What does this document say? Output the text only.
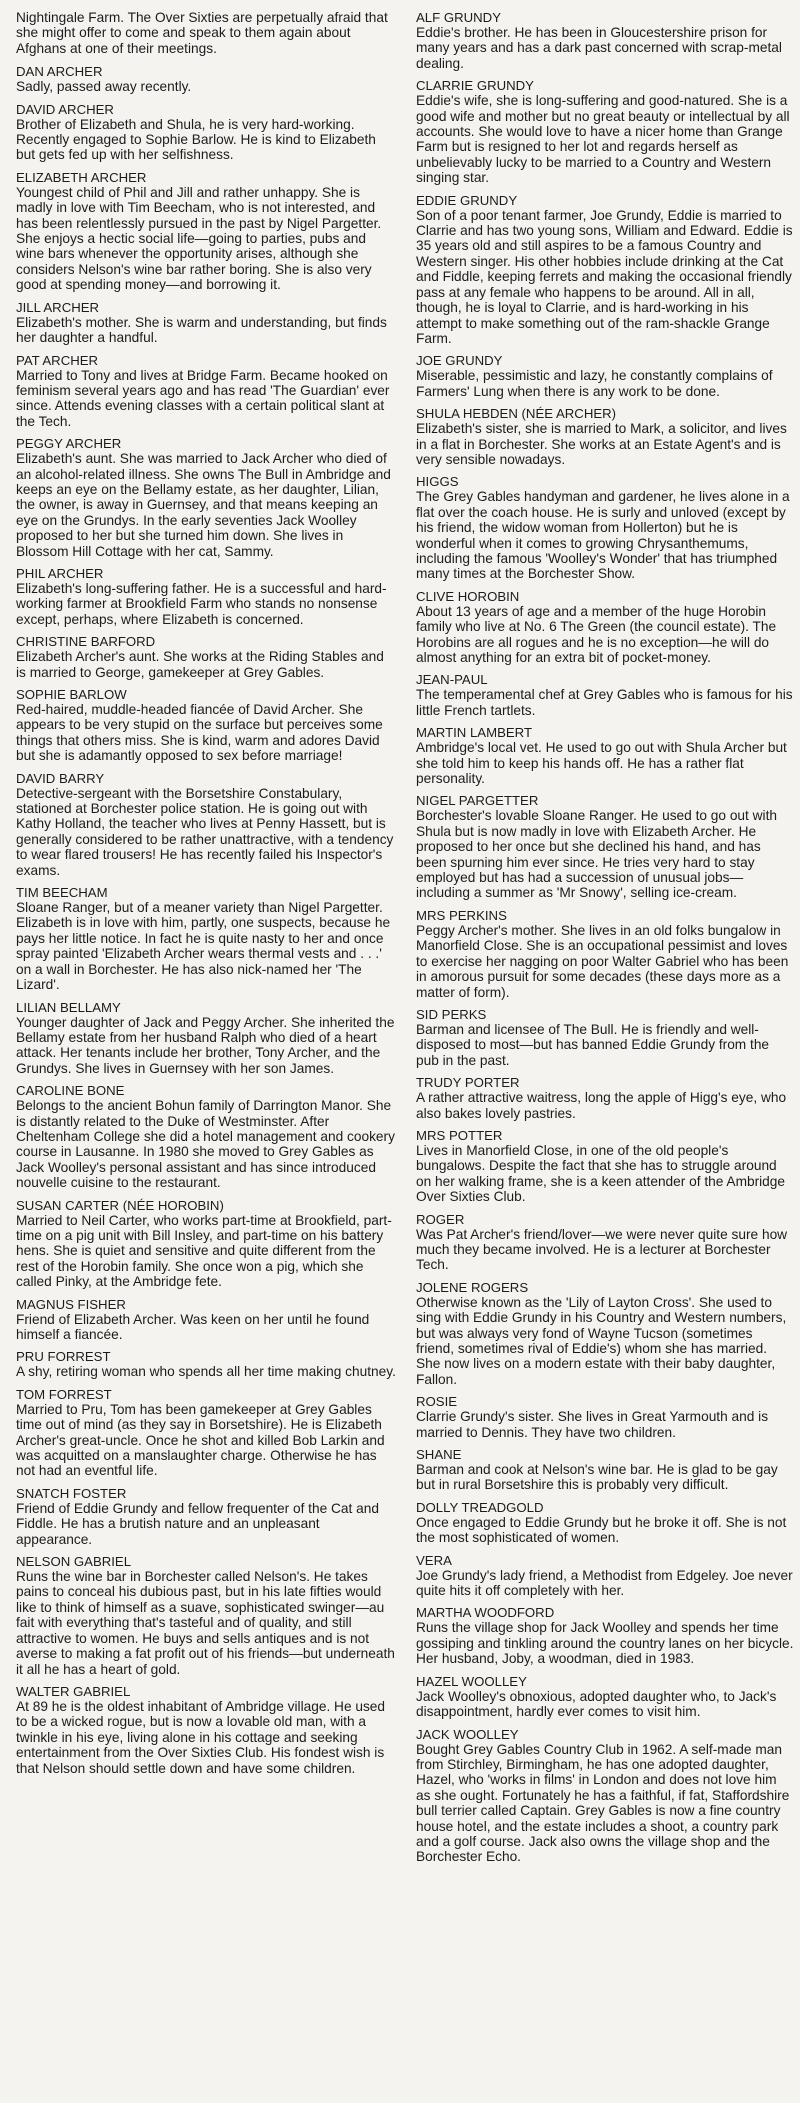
Nightingale Farm. The Over Sixties are perpetually afraid that she might offer to come and speak to them again about Afghans at one of their meetings.

DAN ARCHER

Sadly, passed away recently.

DAVID ARCHER

Brother of Elizabeth and Shula, he is very hard-working. Recently engaged to Sophie Barlow. He is kind to Elizabeth but gets fed up with her selfishness.

ELIZABETH ARCHER

Youngest child of Phil and Jill and rather unhappy. She is madly in love with Tim Beecham, who is not interested, and has been relentlessly pursued in the past by Nigel Pargetter. She enjoys a hectic social life—going to parties, pubs and wine bars whenever the opportunity arises, although she considers Nelson's wine bar rather boring. She is also very good at spending money—and borrowing it.

JILL ARCHER

Elizabeth's mother. She is warm and understanding, but finds her daughter a handful.

PAT ARCHER

Married to Tony and lives at Bridge Farm. Became hooked on feminism several years ago and has read 'The Guardian' ever since. Attends evening classes with a certain political slant at the Tech.

PEGGY ARCHER

Elizabeth's aunt. She was married to Jack Archer who died of an alcohol-related illness. She owns The Bull in Ambridge and keeps an eye on the Bellamy estate, as her daughter, Lilian, the owner, is away in Guernsey, and that means keeping an eye on the Grundys. In the early seventies Jack Woolley proposed to her but she turned him down. She lives in Blossom Hill Cottage with her cat, Sammy.

PHIL ARCHER

Elizabeth's long-suffering father. He is a successful and hard-working farmer at Brookfield Farm who stands no nonsense except, perhaps, where Elizabeth is concerned.

CHRISTINE BARFORD

Elizabeth Archer's aunt. She works at the Riding Stables and is married to George, gamekeeper at Grey Gables.

SOPHIE BARLOW

Red-haired, muddle-headed fiancée of David Archer. She appears to be very stupid on the surface but perceives some things that others miss. She is kind, warm and adores David but she is adamantly opposed to sex before marriage!

DAVID BARRY

Detective-sergeant with the Borsetshire Constabulary, stationed at Borchester police station. He is going out with Kathy Holland, the teacher who lives at Penny Hassett, but is generally considered to be rather unattractive, with a tendency to wear flared trousers! He has recently failed his Inspector's exams.

TIM BEECHAM

Sloane Ranger, but of a meaner variety than Nigel Pargetter. Elizabeth is in love with him, partly, one suspects, because he pays her little notice. In fact he is quite nasty to her and once spray painted 'Elizabeth Archer wears thermal vests and . . .' on a wall in Borchester. He has also nick-named her 'The Lizard'.

LILIAN BELLAMY

Younger daughter of Jack and Peggy Archer. She inherited the Bellamy estate from her husband Ralph who died of a heart attack. Her tenants include her brother, Tony Archer, and the Grundys. She lives in Guernsey with her son James.

CAROLINE BONE

Belongs to the ancient Bohun family of Darrington Manor. She is distantly related to the Duke of Westminster. After Cheltenham College she did a hotel management and cookery course in Lausanne. In 1980 she moved to Grey Gables as Jack Woolley's personal assistant and has since introduced nouvelle cuisine to the restaurant.

SUSAN CARTER (NÉE HOROBIN)

Married to Neil Carter, who works part-time at Brookfield, part-time on a pig unit with Bill Insley, and part-time on his battery hens. She is quiet and sensitive and quite different from the rest of the Horobin family. She once won a pig, which she called Pinky, at the Ambridge fete.

MAGNUS FISHER

Friend of Elizabeth Archer. Was keen on her until he found himself a fiancée.

PRU FORREST

A shy, retiring woman who spends all her time making chutney.

TOM FORREST

Married to Pru, Tom has been gamekeeper at Grey Gables time out of mind (as they say in Borsetshire). He is Elizabeth Archer's great-uncle. Once he shot and killed Bob Larkin and was acquitted on a manslaughter charge. Otherwise he has not had an eventful life.

SNATCH FOSTER

Friend of Eddie Grundy and fellow frequenter of the Cat and Fiddle. He has a brutish nature and an unpleasant appearance.

NELSON GABRIEL

Runs the wine bar in Borchester called Nelson's. He takes pains to conceal his dubious past, but in his late fifties would like to think of himself as a suave, sophisticated swinger—au fait with everything that's tasteful and of quality, and still attractive to women. He buys and sells antiques and is not averse to making a fat profit out of his friends—but underneath it all he has a heart of gold.

WALTER GABRIEL

At 89 he is the oldest inhabitant of Ambridge village. He used to be a wicked rogue, but is now a lovable old man, with a twinkle in his eye, living alone in his cottage and seeking entertainment from the Over Sixties Club. His fondest wish is that Nelson should settle down and have some children.

ALF GRUNDY

Eddie's brother. He has been in Gloucestershire prison for many years and has a dark past concerned with scrap-metal dealing.

CLARRIE GRUNDY

Eddie's wife, she is long-suffering and good-natured. She is a good wife and mother but no great beauty or intellectual by all accounts. She would love to have a nicer home than Grange Farm but is resigned to her lot and regards herself as unbelievably lucky to be married to a Country and Western singing star.

EDDIE GRUNDY

Son of a poor tenant farmer, Joe Grundy, Eddie is married to Clarrie and has two young sons, William and Edward. Eddie is 35 years old and still aspires to be a famous Country and Western singer. His other hobbies include drinking at the Cat and Fiddle, keeping ferrets and making the occasional friendly pass at any female who happens to be around. All in all, though, he is loyal to Clarrie, and is hard-working in his attempt to make something out of the ram-shackle Grange Farm.

JOE GRUNDY

Miserable, pessimistic and lazy, he constantly complains of Farmers' Lung when there is any work to be done.

SHULA HEBDEN (NÉE ARCHER)

Elizabeth's sister, she is married to Mark, a solicitor, and lives in a flat in Borchester. She works at an Estate Agent's and is very sensible nowadays.

HIGGS

The Grey Gables handyman and gardener, he lives alone in a flat over the coach house. He is surly and unloved (except by his friend, the widow woman from Hollerton) but he is wonderful when it comes to growing Chrysanthemums, including the famous 'Woolley's Wonder' that has triumphed many times at the Borchester Show.

CLIVE HOROBIN

About 13 years of age and a member of the huge Horobin family who live at No. 6 The Green (the council estate). The Horobins are all rogues and he is no exception—he will do almost anything for an extra bit of pocket-money.

JEAN-PAUL

The temperamental chef at Grey Gables who is famous for his little French tartlets.

MARTIN LAMBERT

Ambridge's local vet. He used to go out with Shula Archer but she told him to keep his hands off. He has a rather flat personality.

NIGEL PARGETTER

Borchester's lovable Sloane Ranger. He used to go out with Shula but is now madly in love with Elizabeth Archer. He proposed to her once but she declined his hand, and has been spurning him ever since. He tries very hard to stay employed but has had a succession of unusual jobs—including a summer as 'Mr Snowy', selling ice-cream.

MRS PERKINS

Peggy Archer's mother. She lives in an old folks bungalow in Manorfield Close. She is an occupational pessimist and loves to exercise her nagging on poor Walter Gabriel who has been in amorous pursuit for some decades (these days more as a matter of form).

SID PERKS

Barman and licensee of The Bull. He is friendly and well-disposed to most—but has banned Eddie Grundy from the pub in the past.

TRUDY PORTER

A rather attractive waitress, long the apple of Higg's eye, who also bakes lovely pastries.

MRS POTTER

Lives in Manorfield Close, in one of the old people's bungalows. Despite the fact that she has to struggle around on her walking frame, she is a keen attender of the Ambridge Over Sixties Club.

ROGER

Was Pat Archer's friend/lover—we were never quite sure how much they became involved. He is a lecturer at Borchester Tech.

JOLENE ROGERS

Otherwise known as the 'Lily of Layton Cross'. She used to sing with Eddie Grundy in his Country and Western numbers, but was always very fond of Wayne Tucson (sometimes friend, sometimes rival of Eddie's) whom she has married. She now lives on a modern estate with their baby daughter, Fallon.

ROSIE

Clarrie Grundy's sister. She lives in Great Yarmouth and is married to Dennis. They have two children.

SHANE

Barman and cook at Nelson's wine bar. He is glad to be gay but in rural Borsetshire this is probably very difficult.

DOLLY TREADGOLD

Once engaged to Eddie Grundy but he broke it off. She is not the most sophisticated of women.

VERA

Joe Grundy's lady friend, a Methodist from Edgeley. Joe never quite hits it off completely with her.

MARTHA WOODFORD

Runs the village shop for Jack Woolley and spends her time gossiping and tinkling around the country lanes on her bicycle. Her husband, Joby, a woodman, died in 1983.

HAZEL WOOLLEY

Jack Woolley's obnoxious, adopted daughter who, to Jack's disappointment, hardly ever comes to visit him.

JACK WOOLLEY

Bought Grey Gables Country Club in 1962. A self-made man from Stirchley, Birmingham, he has one adopted daughter, Hazel, who 'works in films' in London and does not love him as she ought. Fortunately he has a faithful, if fat, Staffordshire bull terrier called Captain. Grey Gables is now a fine country house hotel, and the estate includes a shoot, a country park and a golf course. Jack also owns the village shop and the Borchester Echo.
